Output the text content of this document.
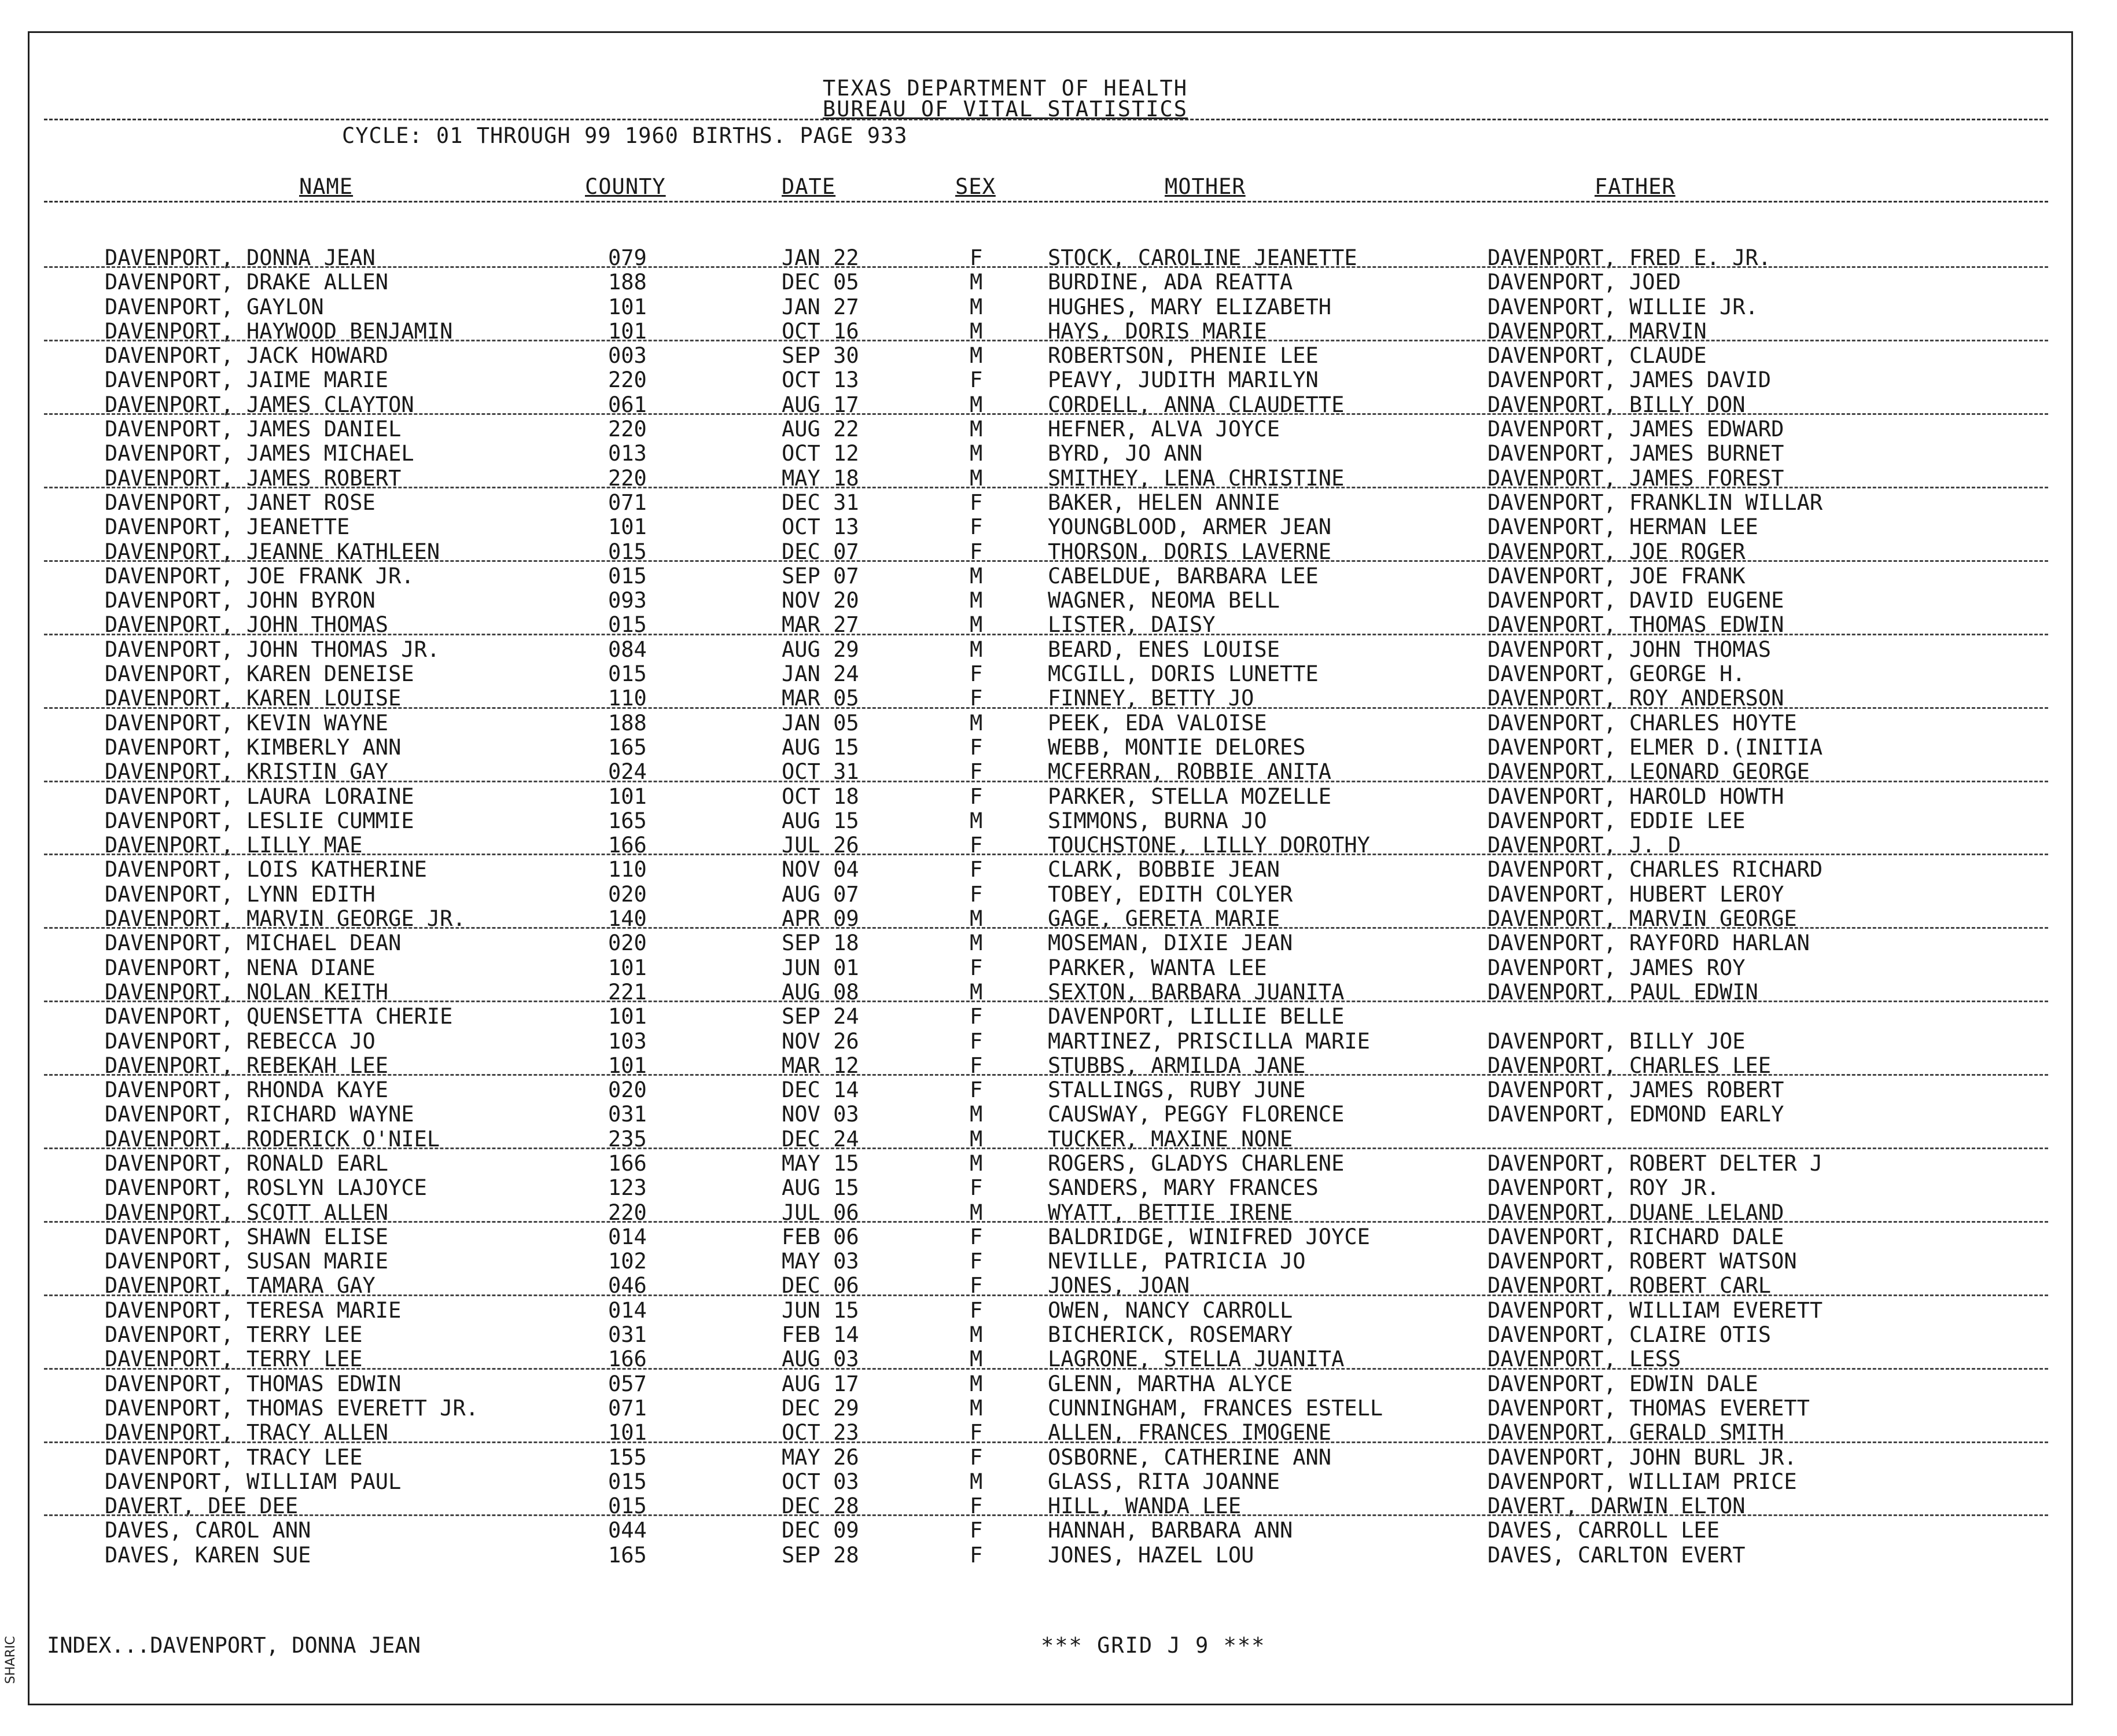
TEXAS DEPARTMENT OF HEALTH
BUREAU OF VITAL STATISTICS
CYCLE: 01 THROUGH 99 1960 BIRTHS. PAGE 933
NAME	COUNTY	DATE	SEX	MOTHER	FATHER
DAVENPORT, DONNA JEAN	079	JAN 22	F	STOCK, CAROLINE JEANETTE	DAVENPORT, FRED E. JR.
DAVENPORT, DRAKE ALLEN	188	DEC 05	M	BURDINE, ADA REATTA	DAVENPORT, JOED
DAVENPORT, GAYLON	101	JAN 27	M	HUGHES, MARY ELIZABETH	DAVENPORT, WILLIE JR.
DAVENPORT, HAYWOOD BENJAMIN	101	OCT 16	M	HAYS, DORIS MARIE	DAVENPORT, MARVIN
DAVENPORT, JACK HOWARD	003	SEP 30	M	ROBERTSON, PHENIE LEE	DAVENPORT, CLAUDE
DAVENPORT, JAIME MARIE	220	OCT 13	F	PEAVY, JUDITH MARILYN	DAVENPORT, JAMES DAVID
DAVENPORT, JAMES CLAYTON	061	AUG 17	M	CORDELL, ANNA CLAUDETTE	DAVENPORT, BILLY DON
DAVENPORT, JAMES DANIEL	220	AUG 22	M	HEFNER, ALVA JOYCE	DAVENPORT, JAMES EDWARD
DAVENPORT, JAMES MICHAEL	013	OCT 12	M	BYRD, JO ANN	DAVENPORT, JAMES BURNET
DAVENPORT, JAMES ROBERT	220	MAY 18	M	SMITHEY, LENA CHRISTINE	DAVENPORT, JAMES FOREST
DAVENPORT, JANET ROSE	071	DEC 31	F	BAKER, HELEN ANNIE	DAVENPORT, FRANKLIN WILLAR
DAVENPORT, JEANETTE	101	OCT 13	F	YOUNGBLOOD, ARMER JEAN	DAVENPORT, HERMAN LEE
DAVENPORT, JEANNE KATHLEEN	015	DEC 07	F	THORSON, DORIS LAVERNE	DAVENPORT, JOE ROGER
DAVENPORT, JOE FRANK JR.	015	SEP 07	M	CABELDUE, BARBARA LEE	DAVENPORT, JOE FRANK
DAVENPORT, JOHN BYRON	093	NOV 20	M	WAGNER, NEOMA BELL	DAVENPORT, DAVID EUGENE
DAVENPORT, JOHN THOMAS	015	MAR 27	M	LISTER, DAISY	DAVENPORT, THOMAS EDWIN
DAVENPORT, JOHN THOMAS JR.	084	AUG 29	M	BEARD, ENES LOUISE	DAVENPORT, JOHN THOMAS
DAVENPORT, KAREN DENEISE	015	JAN 24	F	MCGILL, DORIS LUNETTE	DAVENPORT, GEORGE H.
DAVENPORT, KAREN LOUISE	110	MAR 05	F	FINNEY, BETTY JO	DAVENPORT, ROY ANDERSON
DAVENPORT, KEVIN WAYNE	188	JAN 05	M	PEEK, EDA VALOISE	DAVENPORT, CHARLES HOYTE
DAVENPORT, KIMBERLY ANN	165	AUG 15	F	WEBB, MONTIE DELORES	DAVENPORT, ELMER D.(INITIA
DAVENPORT, KRISTIN GAY	024	OCT 31	F	MCFERRAN, ROBBIE ANITA	DAVENPORT, LEONARD GEORGE
DAVENPORT, LAURA LORAINE	101	OCT 18	F	PARKER, STELLA MOZELLE	DAVENPORT, HAROLD HOWTH
DAVENPORT, LESLIE CUMMIE	165	AUG 15	M	SIMMONS, BURNA JO	DAVENPORT, EDDIE LEE
DAVENPORT, LILLY MAE	166	JUL 26	F	TOUCHSTONE, LILLY DOROTHY	DAVENPORT, J. D
DAVENPORT, LOIS KATHERINE	110	NOV 04	F	CLARK, BOBBIE JEAN	DAVENPORT, CHARLES RICHARD
DAVENPORT, LYNN EDITH	020	AUG 07	F	TOBEY, EDITH COLYER	DAVENPORT, HUBERT LEROY
DAVENPORT, MARVIN GEORGE JR.	140	APR 09	M	GAGE, GERETA MARIE	DAVENPORT, MARVIN GEORGE
DAVENPORT, MICHAEL DEAN	020	SEP 18	M	MOSEMAN, DIXIE JEAN	DAVENPORT, RAYFORD HARLAN
DAVENPORT, NENA DIANE	101	JUN 01	F	PARKER, WANTA LEE	DAVENPORT, JAMES ROY
DAVENPORT, NOLAN KEITH	221	AUG 08	M	SEXTON, BARBARA JUANITA	DAVENPORT, PAUL EDWIN
DAVENPORT, QUENSETTA CHERIE	101	SEP 24	F	DAVENPORT, LILLIE BELLE
DAVENPORT, REBECCA JO	103	NOV 26	F	MARTINEZ, PRISCILLA MARIE	DAVENPORT, BILLY JOE
DAVENPORT, REBEKAH LEE	101	MAR 12	F	STUBBS, ARMILDA JANE	DAVENPORT, CHARLES LEE
DAVENPORT, RHONDA KAYE	020	DEC 14	F	STALLINGS, RUBY JUNE	DAVENPORT, JAMES ROBERT
DAVENPORT, RICHARD WAYNE	031	NOV 03	M	CAUSWAY, PEGGY FLORENCE	DAVENPORT, EDMOND EARLY
DAVENPORT, RODERICK O'NIEL	235	DEC 24	M	TUCKER, MAXINE NONE
DAVENPORT, RONALD EARL	166	MAY 15	M	ROGERS, GLADYS CHARLENE	DAVENPORT, ROBERT DELTER J
DAVENPORT, ROSLYN LAJOYCE	123	AUG 15	F	SANDERS, MARY FRANCES	DAVENPORT, ROY JR.
DAVENPORT, SCOTT ALLEN	220	JUL 06	M	WYATT, BETTIE IRENE	DAVENPORT, DUANE LELAND
DAVENPORT, SHAWN ELISE	014	FEB 06	F	BALDRIDGE, WINIFRED JOYCE	DAVENPORT, RICHARD DALE
DAVENPORT, SUSAN MARIE	102	MAY 03	F	NEVILLE, PATRICIA JO	DAVENPORT, ROBERT WATSON
DAVENPORT, TAMARA GAY	046	DEC 06	F	JONES, JOAN	DAVENPORT, ROBERT CARL
DAVENPORT, TERESA MARIE	014	JUN 15	F	OWEN, NANCY CARROLL	DAVENPORT, WILLIAM EVERETT
DAVENPORT, TERRY LEE	031	FEB 14	M	BICHERICK, ROSEMARY	DAVENPORT, CLAIRE OTIS
DAVENPORT, TERRY LEE	166	AUG 03	M	LAGRONE, STELLA JUANITA	DAVENPORT, LESS
DAVENPORT, THOMAS EDWIN	057	AUG 17	M	GLENN, MARTHA ALYCE	DAVENPORT, EDWIN DALE
DAVENPORT, THOMAS EVERETT JR.	071	DEC 29	M	CUNNINGHAM, FRANCES ESTELL	DAVENPORT, THOMAS EVERETT
DAVENPORT, TRACY ALLEN	101	OCT 23	F	ALLEN, FRANCES IMOGENE	DAVENPORT, GERALD SMITH
DAVENPORT, TRACY LEE	155	MAY 26	F	OSBORNE, CATHERINE ANN	DAVENPORT, JOHN BURL JR.
DAVENPORT, WILLIAM PAUL	015	OCT 03	M	GLASS, RITA JOANNE	DAVENPORT, WILLIAM PRICE
DAVERT, DEE DEE	015	DEC 28	F	HILL, WANDA LEE	DAVERT, DARWIN ELTON
DAVES, CAROL ANN	044	DEC 09	F	HANNAH, BARBARA ANN	DAVES, CARROLL LEE
DAVES, KAREN SUE	165	SEP 28	F	JONES, HAZEL LOU	DAVES, CARLTON EVERT
INDEX...DAVENPORT, DONNA JEAN	*** GRID J 9 ***
SHARIC
